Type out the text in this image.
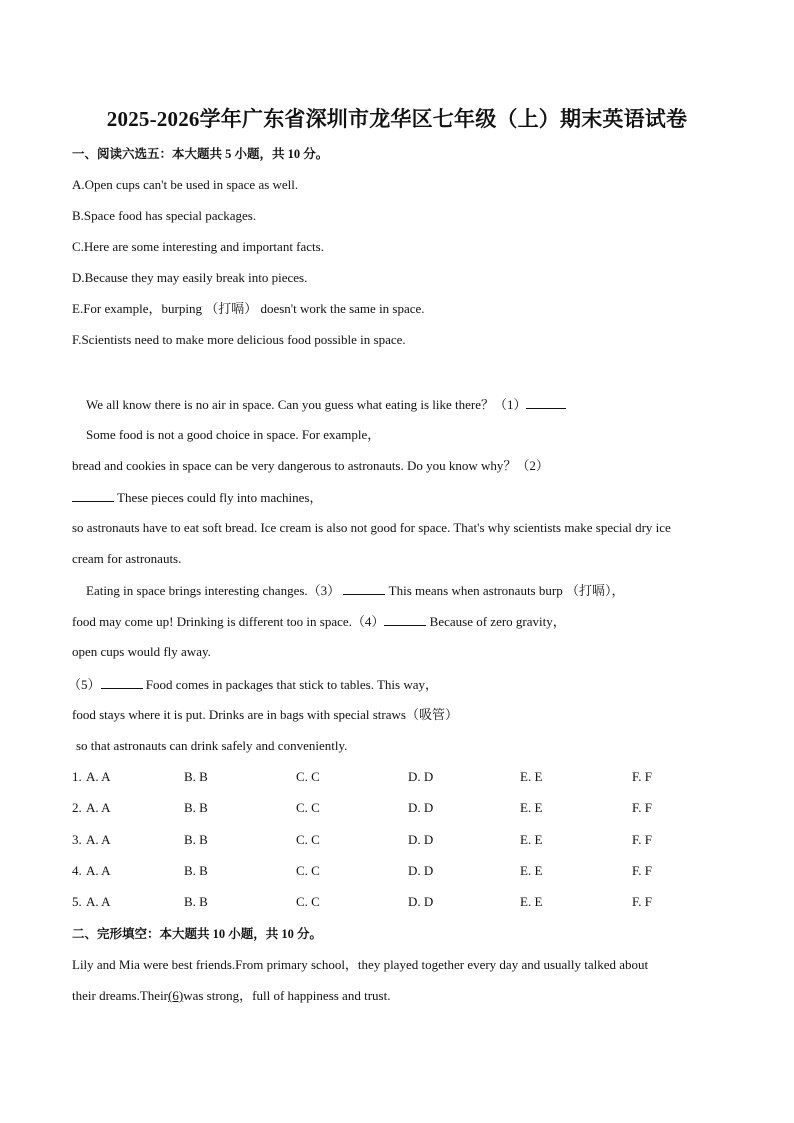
2025-2026学年广东省深圳市龙华区七年级（上）期末英语试卷
一、阅读六选五：本大题共 5 小题，共 10 分。
A.Open cups can't be used in space as well.
B.Space food has special packages.
C.Here are some interesting and important facts.
D.Because they may easily break into pieces.
E.For example，burping （打嗝） doesn't work the same in space.
F.Scientists need to make more delicious food possible in space.
We all know there is no air in space. Can you guess what eating is like there？（1）
Some food is not a good choice in space. For example，
bread and cookies in space can be very dangerous to astronauts. Do you know why？（2）
These pieces could fly into machines，
so astronauts have to eat soft bread. Ice cream is also not good for space. That's why scientists make special dry ice
cream for astronauts.
Eating in space brings interesting changes.（3）	This means when astronauts burp （打嗝），
food may come up! Drinking is different too in space.（4）	Because of zero gravity，
open cups would fly away.
（5）	Food comes in packages that stick to tables. This way，
food stays where it is put. Drinks are in bags with special straws（吸管）
so that astronauts can drink safely and conveniently.
1. A. A	B. B	C. C	D. D	E. E	F. F
2. A. A	B. B	C. C	D. D	E. E	F. F
3. A. A	B. B	C. C	D. D	E. E	F. F
4. A. A	B. B	C. C	D. D	E. E	F. F
5. A. A	B. B	C. C	D. D	E. E	F. F
二、完形填空：本大题共 10 小题，共 10 分。
Lily and Mia were best friends.From primary school，they played together every day and usually talked about
their dreams.Their(6)was strong，full of happiness and trust.
